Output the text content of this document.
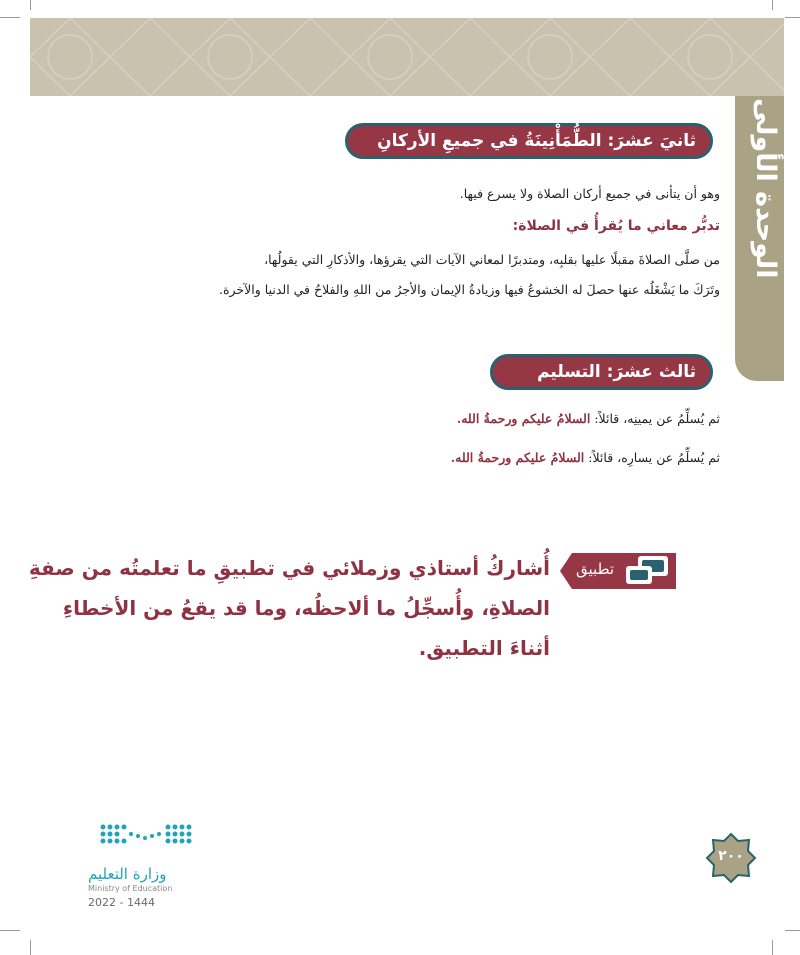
الوحدة الأولى
ثانيَ عشرَ: الطُّمَأْنِينَةُ في جميعِ الأركانِ
وهو أن يتأنى في جميع أركان الصلاة ولا يسرع فيها.
تدبُّر معاني ما يُقرأُ في الصلاة:
من صلَّى الصلاةَ مقبلًا عليها بقلبِه، ومتدبرًا لمعاني الآيات التي يقرؤها، والأذكارِ التي يقولُها،
وتَرَكَ ما يَشْغَلُه عنها حصلَ له الخشوعُ فيها وزيادةُ الإيمان والأجرُ من اللهِ والفلاحُ في الدنيا والآخرة.
ثالث عشرَ: التسليم
ثم يُسلِّمُ عن يمينِه، قائلاً: السلامُ عليكم ورحمةُ الله.
ثم يُسلِّمُ عن يسارِه، قائلاً: السلامُ عليكم ورحمةُ الله.
تطبيق
أُشاركُ أستاذي وزملائي في تطبيقِ ما تعلمتُه من صفةِ
الصلاةِ، وأُسجِّلُ ما ألاحظُه، وما قد يقعُ من الأخطاءِ
أثناءَ التطبيق.
٢٠٠
وزارة التعليم
Ministry of Education
2022 - 1444
